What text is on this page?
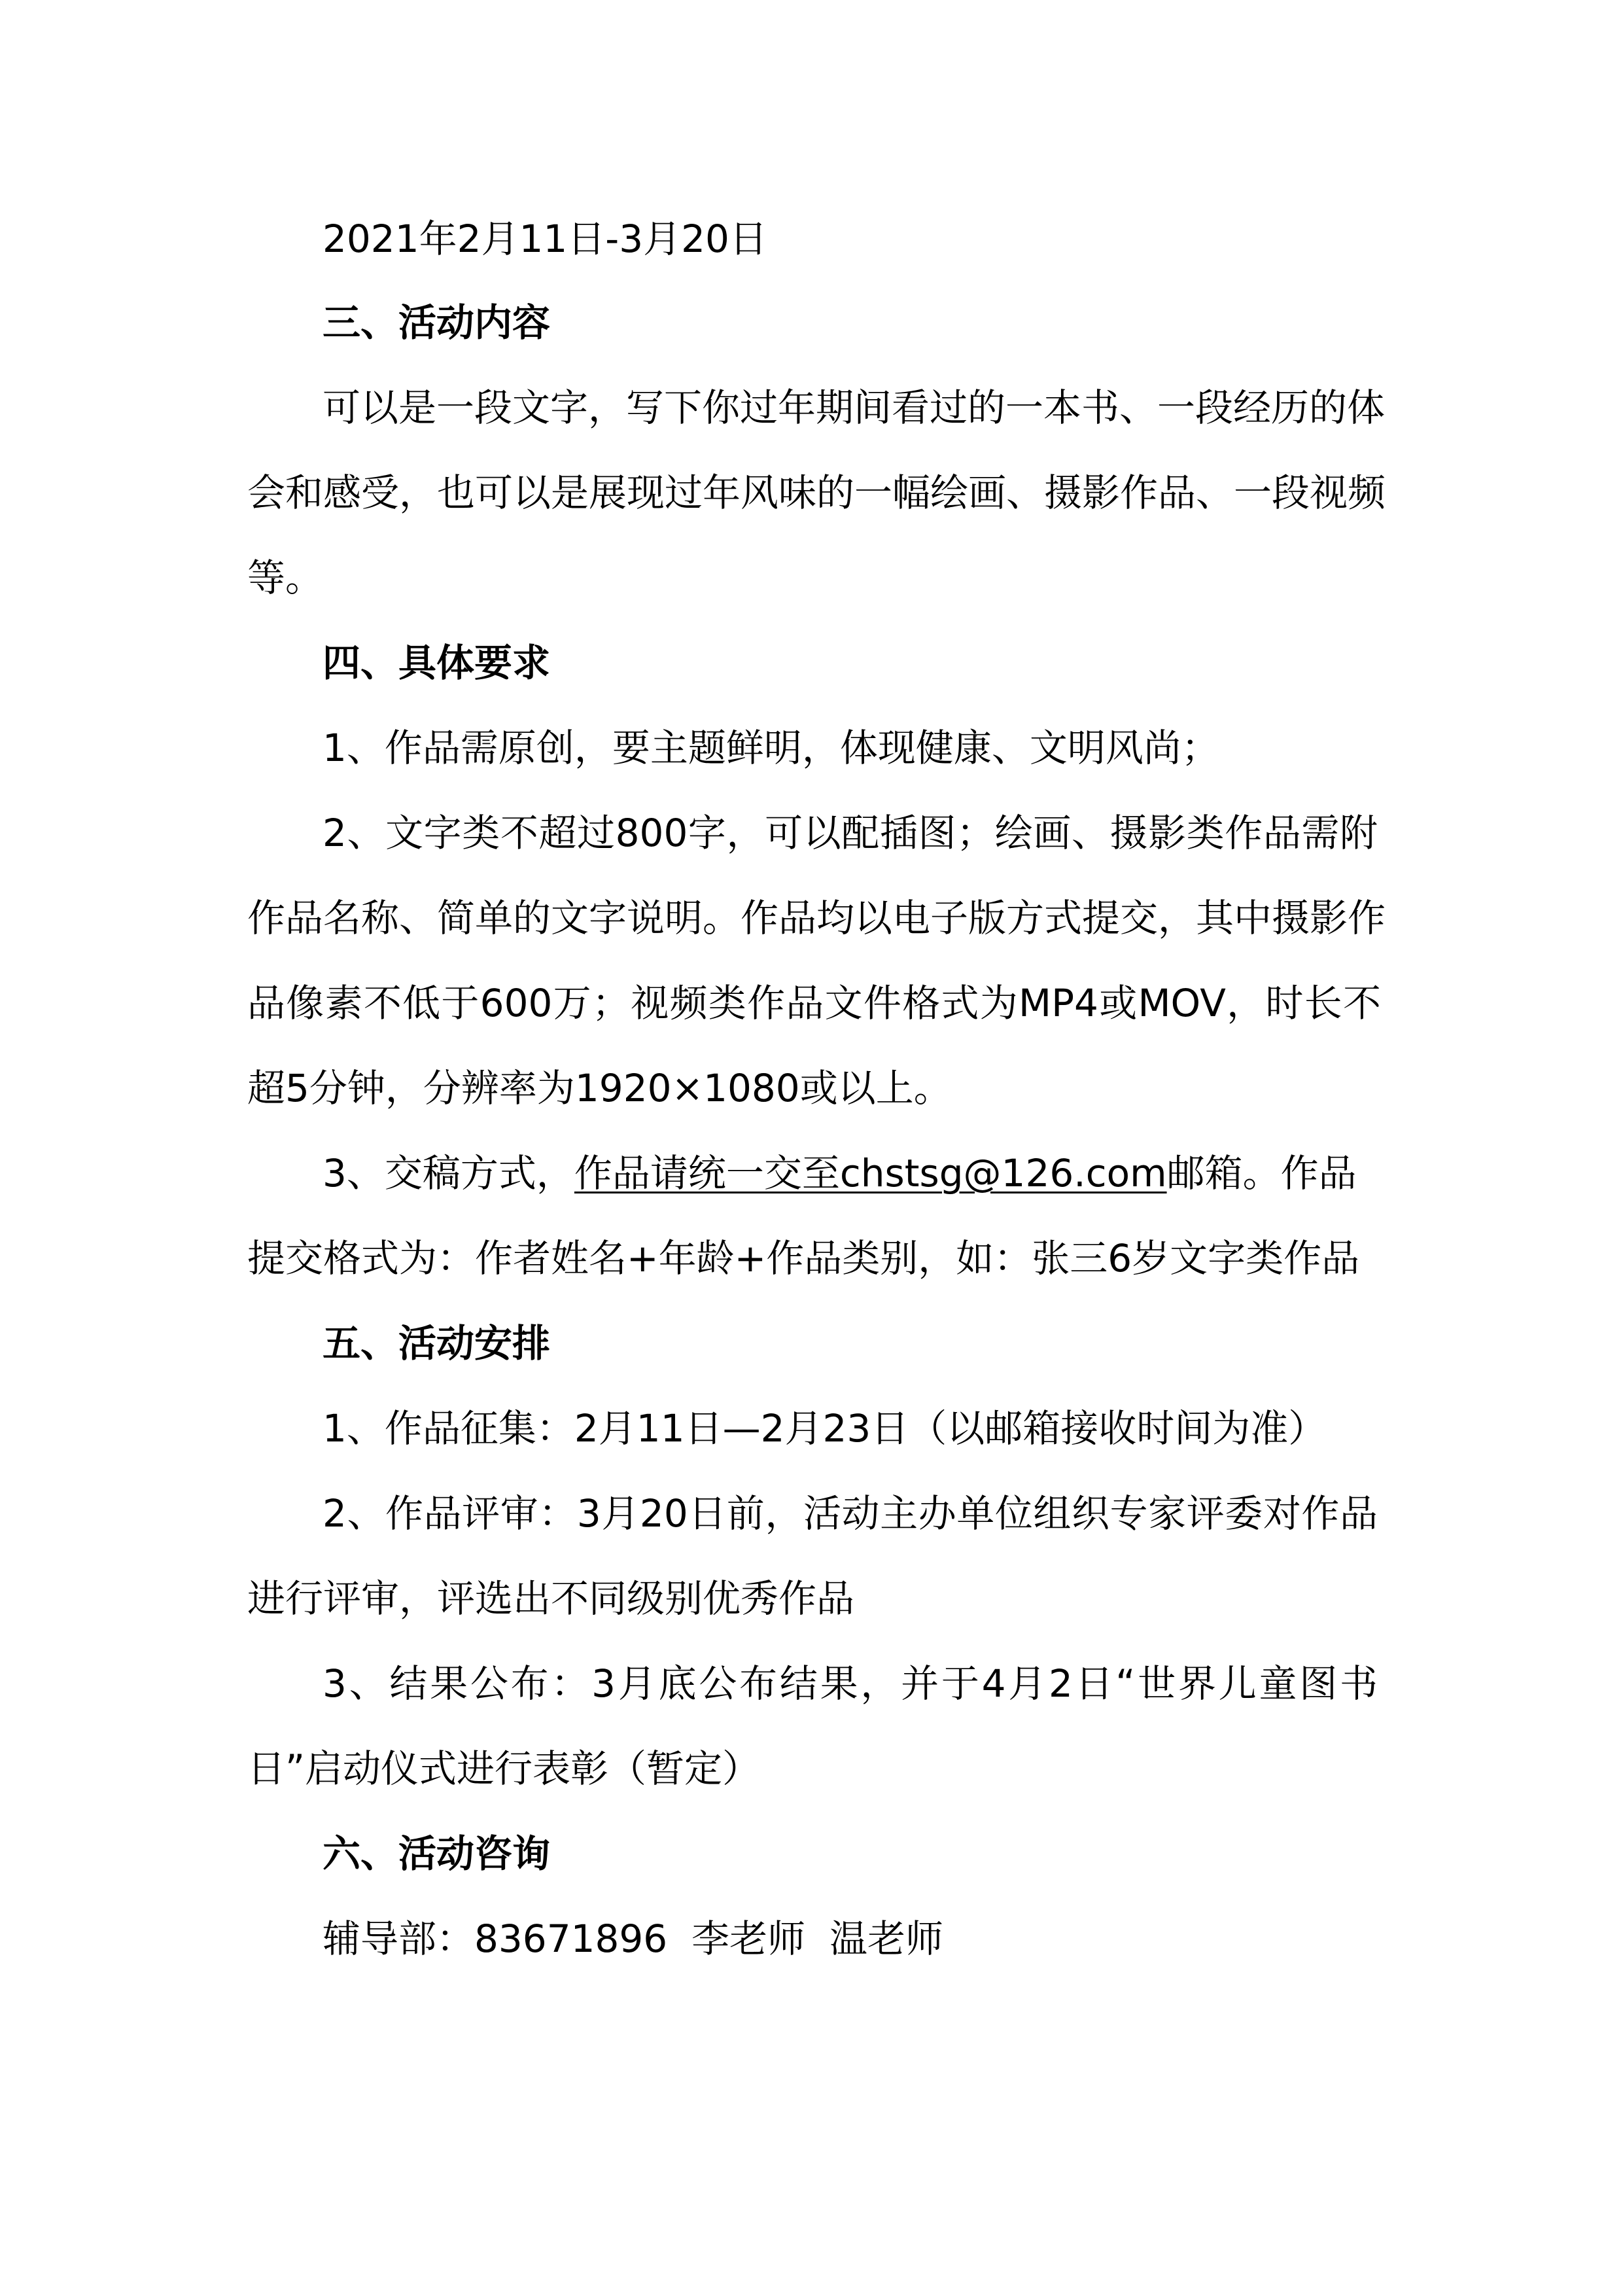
2021年2月11日-3月20日
三、活动内容
可以是一段文字，写下你过年期间看过的一本书、一段经历的体
会和感受，也可以是展现过年风味的一幅绘画、摄影作品、一段视频
等。
四、具体要求
1、作品需原创，要主题鲜明，体现健康、文明风尚；
2、文字类不超过800字，可以配插图；绘画、摄影类作品需附
作品名称、简单的文字说明。作品均以电子版方式提交，其中摄影作
品像素不低于600万；视频类作品文件格式为MP4或MOV，时长不
超5分钟，分辨率为1920×1080或以上。
3、交稿方式，作品请统一交至chstsg@126.com邮箱。作品
提交格式为：作者姓名+年龄+作品类别，如：张三6岁文字类作品
五、活动安排
1、作品征集：2月11日—2月23日（以邮箱接收时间为准）
2、作品评审：3月20日前，活动主办单位组织专家评委对作品
进行评审，评选出不同级别优秀作品
3、结果公布：3月底公布结果，并于4月2日“世界儿童图书
日”启动仪式进行表彰（暂定）
六、活动咨询
辅导部：83671896  李老师  温老师
